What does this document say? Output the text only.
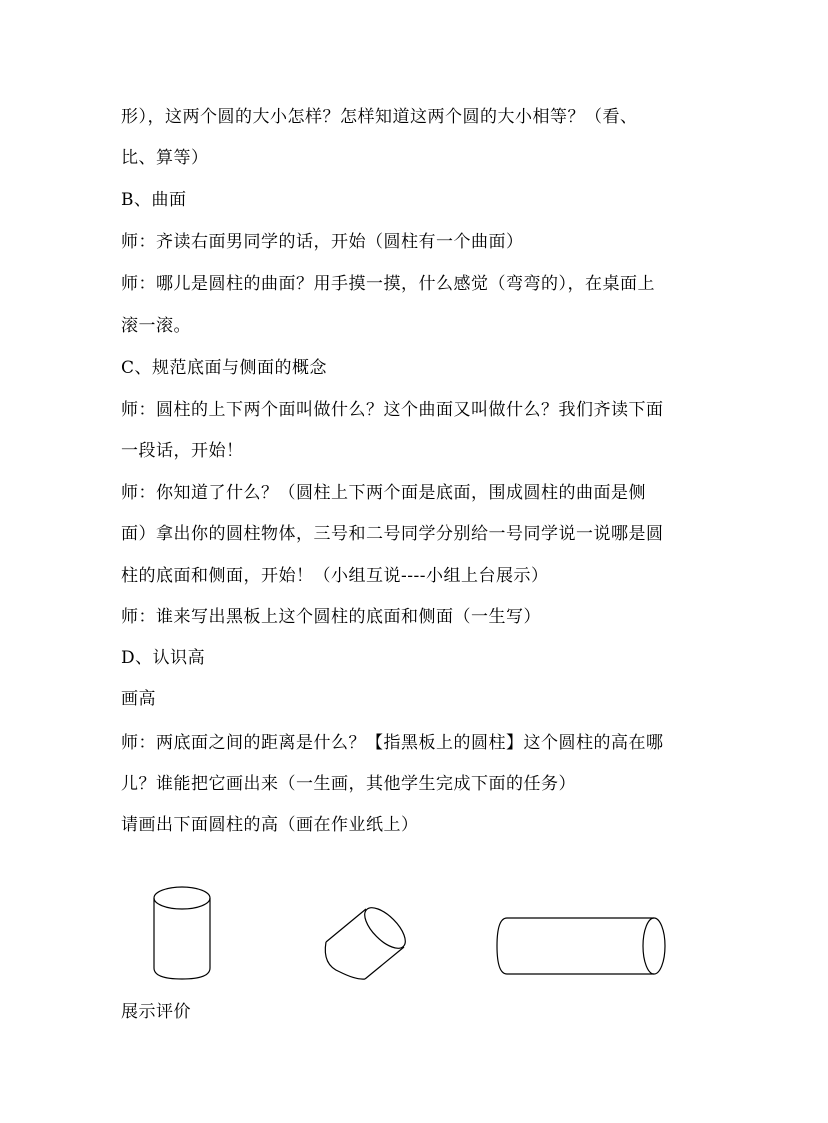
形），这两个圆的大小怎样？怎样知道这两个圆的大小相等？（看、
比、算等）
B、曲面
师：齐读右面男同学的话，开始（圆柱有一个曲面）
师：哪儿是圆柱的曲面？用手摸一摸，什么感觉（弯弯的），在桌面上
滚一滚。
C、规范底面与侧面的概念
师：圆柱的上下两个面叫做什么？这个曲面又叫做什么？我们齐读下面
一段话，开始！
师：你知道了什么？（圆柱上下两个面是底面，围成圆柱的曲面是侧
面）拿出你的圆柱物体，三号和二号同学分别给一号同学说一说哪是圆
柱的底面和侧面，开始！（小组互说----小组上台展示）
师：谁来写出黑板上这个圆柱的底面和侧面（一生写）
D、认识高
画高
师：两底面之间的距离是什么？【指黑板上的圆柱】这个圆柱的高在哪
儿？谁能把它画出来（一生画，其他学生完成下面的任务）
请画出下面圆柱的高（画在作业纸上）
展示评价
